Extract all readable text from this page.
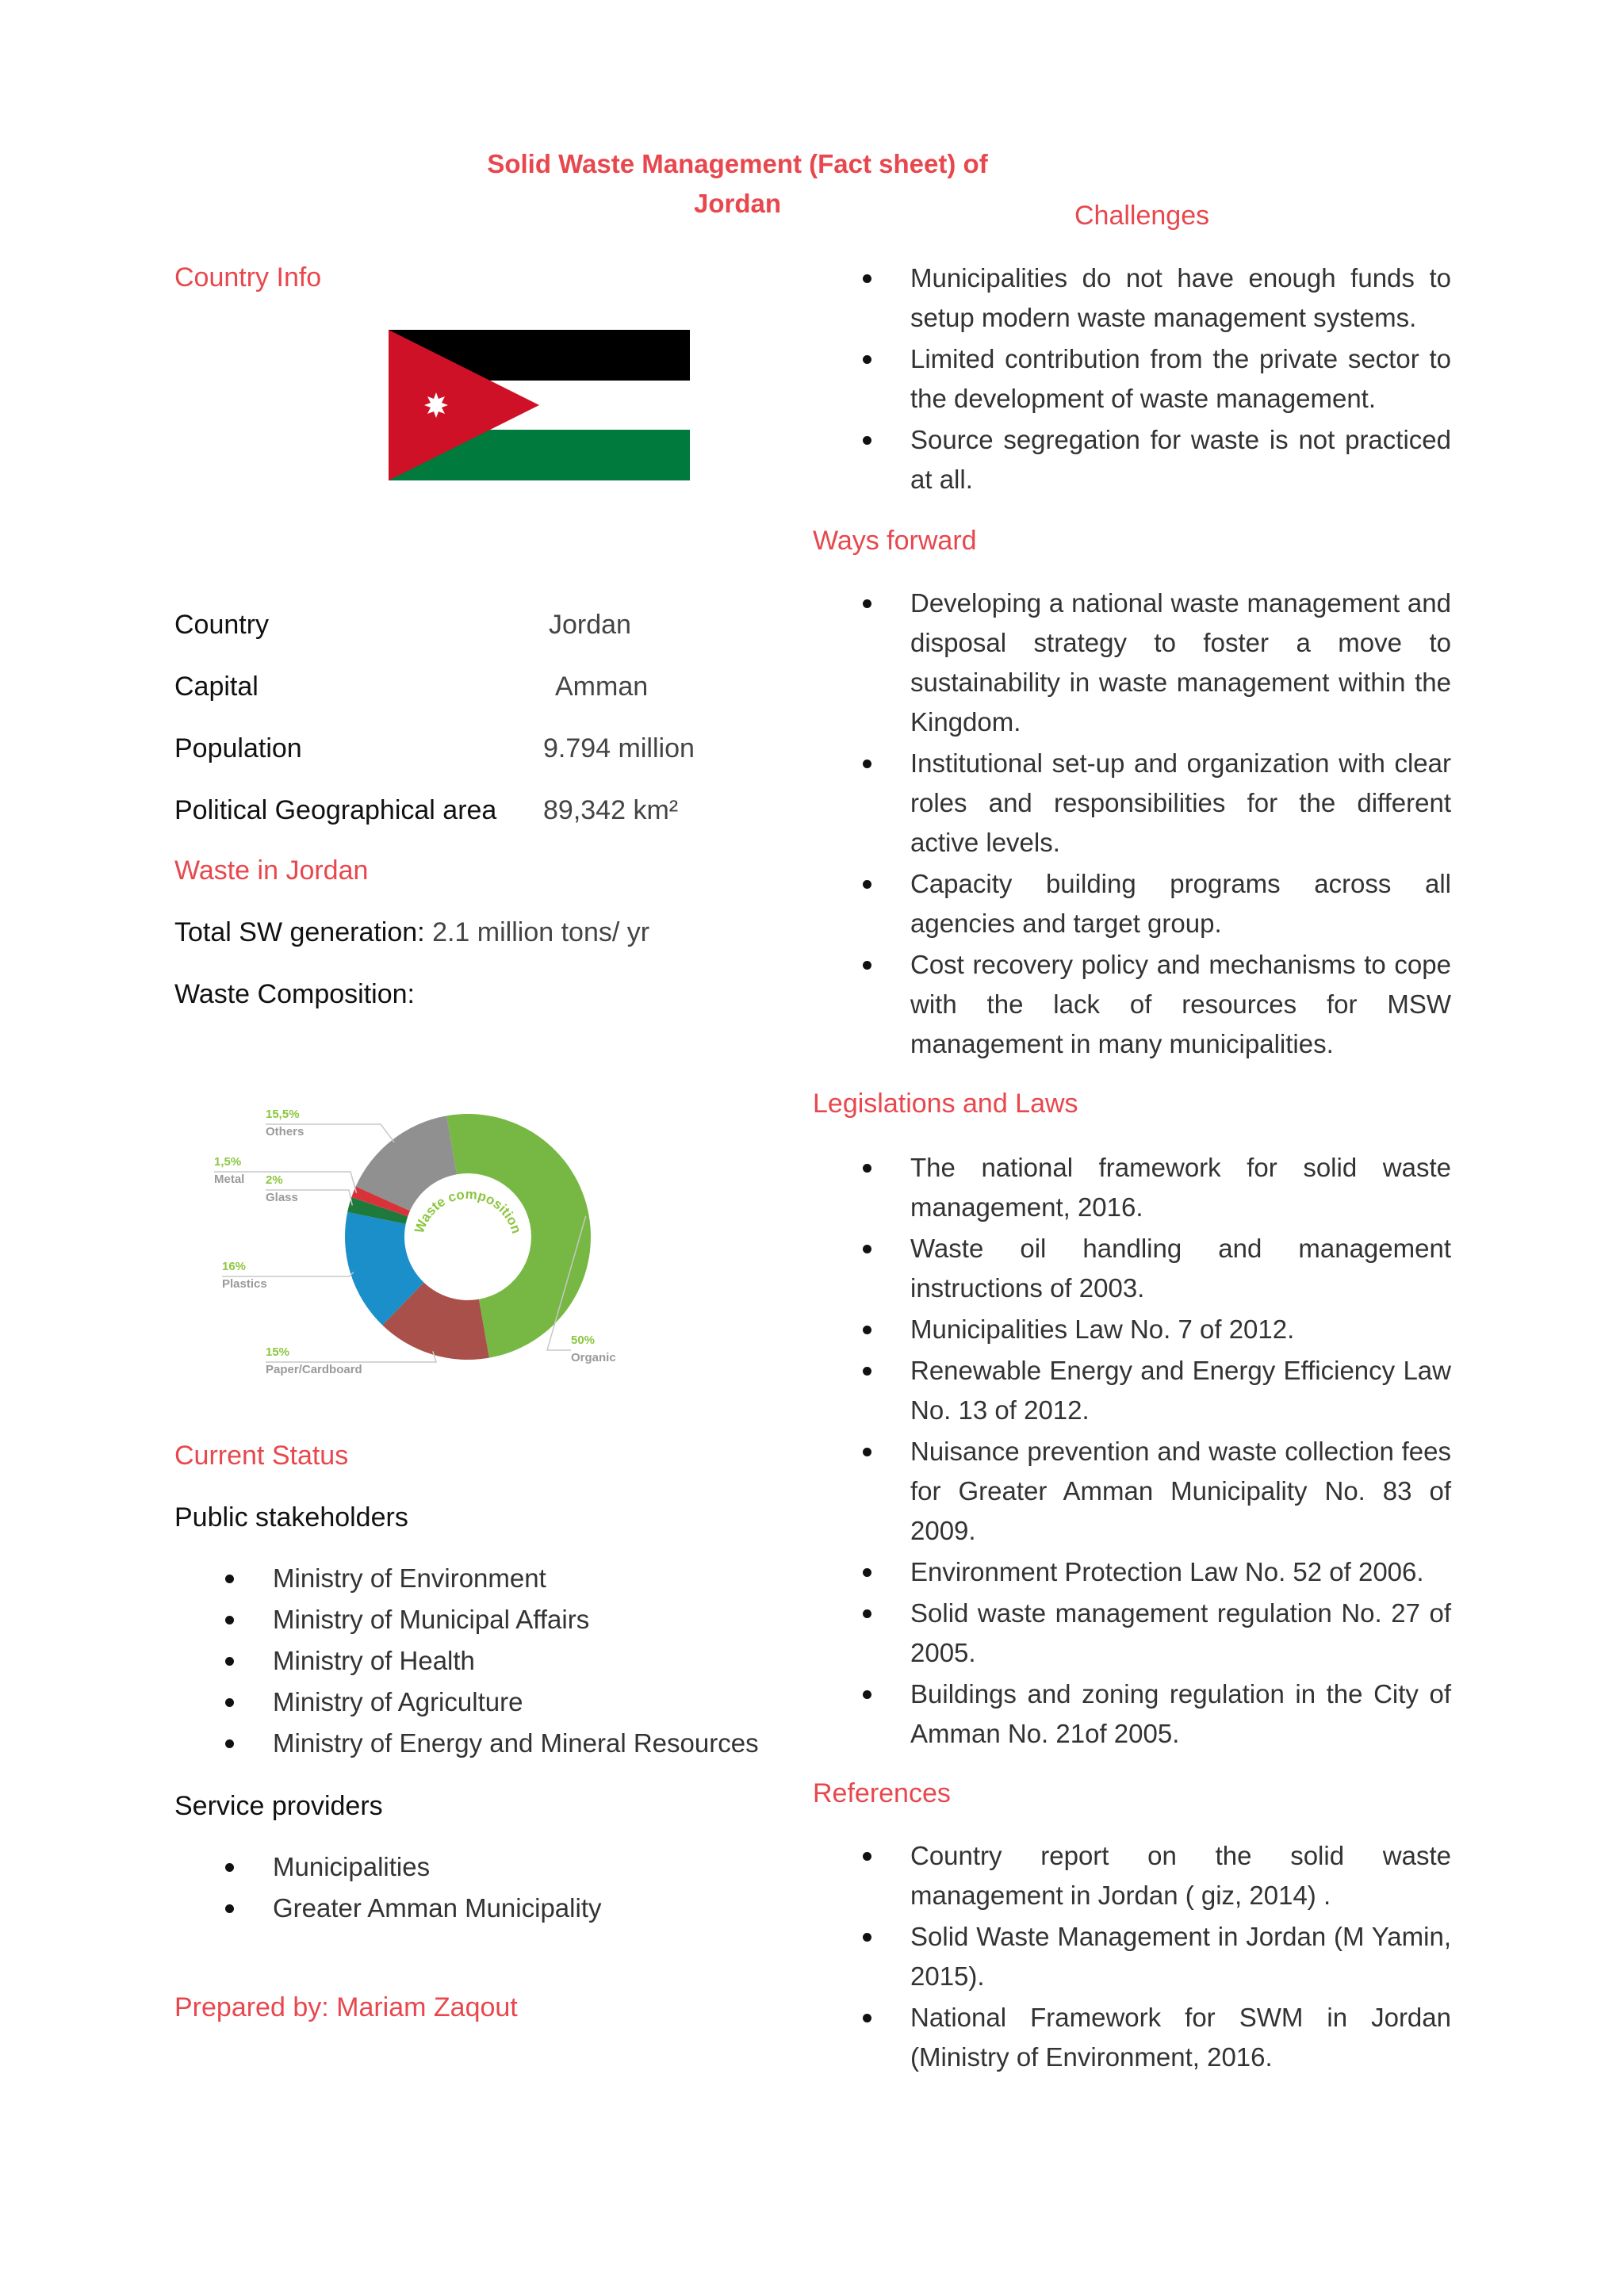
Solid Waste Management (Fact sheet) of Jordan
Country Info
Country	Jordan
Capital	Amman
Population	9.794 million
Political Geographical area 89,342 km²
Waste in Jordan
Total SW generation: 2.1 million tons/ yr
Waste Composition:
50%
Organic
15%
Paper/Cardboard
16%
Plastics
2%
Glass
1,5%
Metal
15,5%
Others
Waste composition
Current Status
Public stakeholders
Ministry of Environment
Ministry of Municipal Affairs
Ministry of Health
Ministry of Agriculture
Ministry of Energy and Mineral Resources
Service providers
Municipalities
Greater Amman Municipality
Prepared by: Mariam Zaqout
Challenges
Municipalities do not have enough funds to setup modern waste management systems.
Limited contribution from the private sector to the development of waste management.
Source segregation for waste is not practiced at all.
Ways forward
Developing a national waste management and disposal strategy to foster a move to sustainability in waste management within the Kingdom.
Institutional set-up and organization with clear roles and responsibilities for the different active levels.
Capacity building programs across all agencies and target group.
Cost recovery policy and mechanisms to cope with the lack of resources for MSW management in many municipalities.
Legislations and Laws
The national framework for solid waste management, 2016.
Waste oil handling and management instructions of 2003.
Municipalities Law No. 7 of 2012.
Renewable Energy and Energy Efficiency Law No. 13 of 2012.
Nuisance prevention and waste collection fees for Greater Amman Municipality No. 83 of 2009.
Environment Protection Law No. 52 of 2006.
Solid waste management regulation No. 27 of 2005.
Buildings and zoning regulation in the City of Amman No. 21of 2005.
References
Country report on the solid waste management in Jordan ( giz, 2014) .
Solid Waste Management in Jordan (M Yamin, 2015).
National Framework for SWM in Jordan (Ministry of Environment, 2016.
